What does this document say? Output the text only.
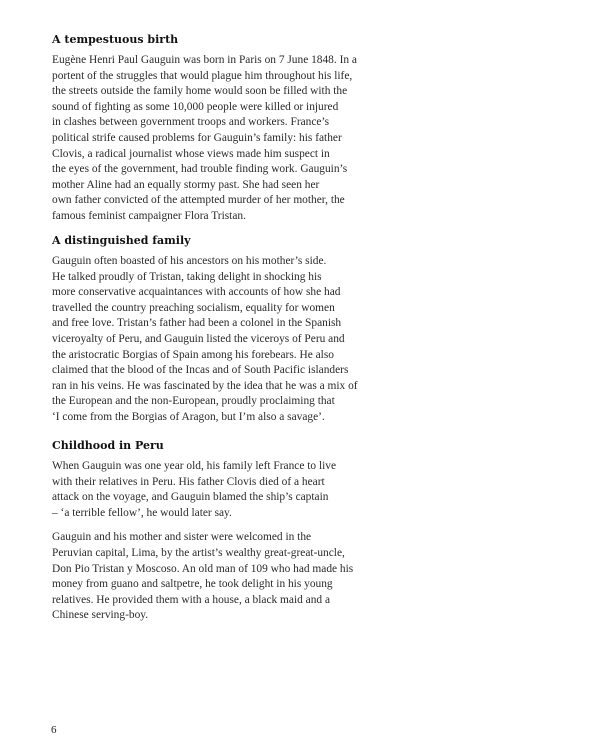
A tempestuous birth

Eugène Henri Paul Gauguin was born in Paris on 7 June 1848. In a
portent of the struggles that would plague him throughout his life,
the streets outside the family home would soon be filled with the
sound of fighting as some 10,000 people were killed or injured
in clashes between government troops and workers. France’s
political strife caused problems for Gauguin’s family: his father
Clovis, a radical journalist whose views made him suspect in
the eyes of the government, had trouble finding work. Gauguin’s
mother Aline had an equally stormy past. She had seen her
own father convicted of the attempted murder of her mother, the
famous feminist campaigner Flora Tristan.

A distinguished family

Gauguin often boasted of his ancestors on his mother’s side.
He talked proudly of Tristan, taking delight in shocking his
more conservative acquaintances with accounts of how she had
travelled the country preaching socialism, equality for women
and free love. Tristan’s father had been a colonel in the Spanish
viceroyalty of Peru, and Gauguin listed the viceroys of Peru and
the aristocratic Borgias of Spain among his forebears. He also
claimed that the blood of the Incas and of South Pacific islanders
ran in his veins. He was fascinated by the idea that he was a mix of
the European and the non-European, proudly proclaiming that
‘I come from the Borgias of Aragon, but I’m also a savage’.

Childhood in Peru

When Gauguin was one year old, his family left France to live
with their relatives in Peru. His father Clovis died of a heart
attack on the voyage, and Gauguin blamed the ship’s captain
– ‘a terrible fellow’, he would later say.

Gauguin and his mother and sister were welcomed in the
Peruvian capital, Lima, by the artist’s wealthy great-great-uncle,
Don Pio Tristan y Moscoso. An old man of 109 who had made his
money from guano and saltpetre, he took delight in his young
relatives. He provided them with a house, a black maid and a
Chinese serving-boy.

6
